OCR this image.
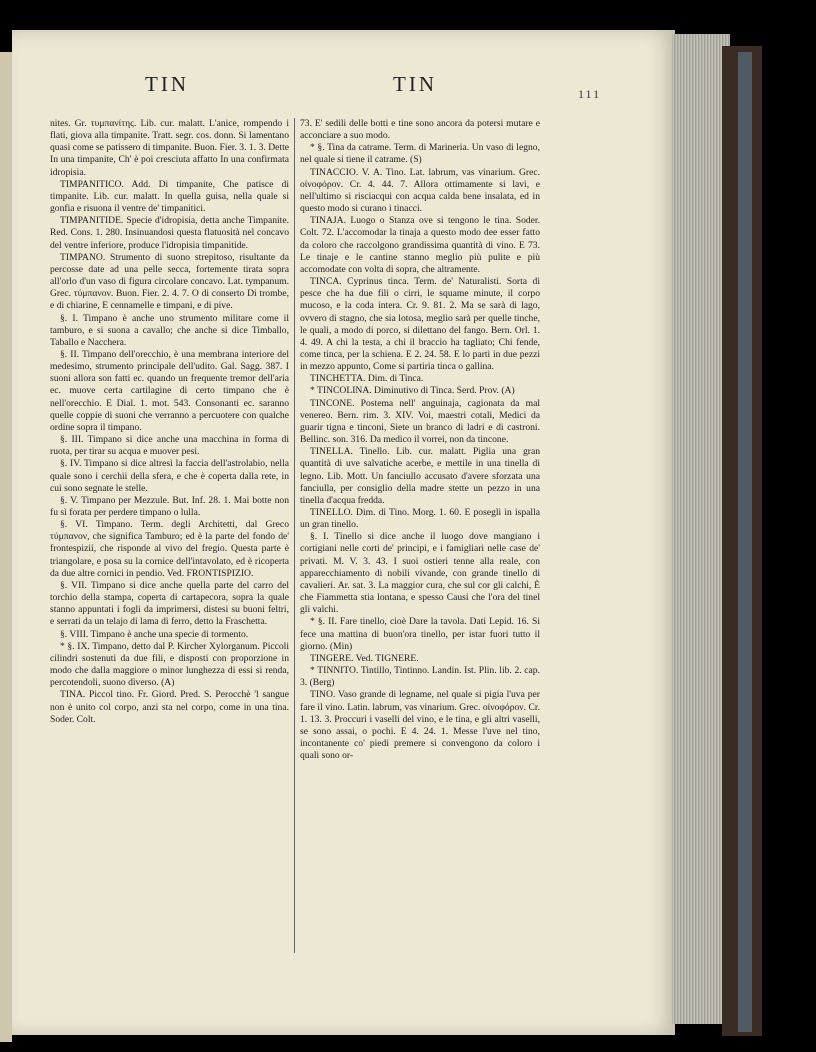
TIN	TIN	111

nites. Gr. τυμπανίτης. Lib. cur. malatt. L'anice, rompendo i flati, giova alla timpanite. Tratt. segr. cos. donn. Si lamentano quasi come se patissero di timpanite. Buon. Fier. 3. 1. 3. Dette In una timpanite, Ch' è poi cresciuta affatto In una confirmata idropisia.

TIMPANITICO. Add. Di timpanite, Che patisce di timpanite. Lib. cur. malatt. In quella guisa, nella quale si gonfia e risuona il ventre de' timpanitici.

TIMPANITIDE. Specie d'idropisia, detta anche Timpanite. Red. Cons. 1. 280. Insinuandosi questa flatuosità nel concavo del ventre inferiore, produce l'idropisia timpanitide.

TIMPANO. Strumento di suono strepitoso, risultante da percosse date ad una pelle secca, fortemente tirata sopra all'orlo d'un vaso di figura circolare concavo. Lat. tympanum. Grec. τύμπανον. Buon. Fier. 2. 4. 7. O di conserto Di trombe, e di chiarine, E cennamelle e timpani, e di pive.

§. I. Timpano è anche uno strumento militare come il tamburo, e si suona a cavallo; che anche si dice Timballo, Taballo e Nacchera.

§. II. Timpano dell'orecchio, è una membrana interiore del medesimo, strumento principale dell'udito. Gal. Sagg. 387. I suoni allora son fatti ec. quando un frequente tremor dell'aria ec. muove certa cartilagine di certo timpano che è nell'orecchio. E Dial. 1. mot. 543. Consonanti ec. saranno quelle coppie di suoni che verranno a percuotere con qualche ordine sopra il timpano.

§. III. Timpano si dice anche una macchina in forma di ruota, per tirar su acqua e muover pesi.

§. IV. Timpano si dice altresì la faccia dell'astrolabio, nella quale sono i cerchii della sfera, e che è coperta dalla rete, in cui sono segnate le stelle.

§. V. Timpano per Mezzule. But. Inf. 28. 1. Mai botte non fu sì forata per perdere timpano o lulla.

§. VI. Timpano. Term. degli Architetti, dal Greco τύμπανον, che significa Tamburo; ed è la parte del fondo de' frontespizii, che risponde al vivo del fregio. Questa parte è triangolare, e posa su la cornice dell'intavolato, ed è ricoperta da due altre cornici in pendio. Ved. FRONTISPIZIO.

§. VII. Timpano si dice anche quella parte del carro del torchio della stampa, coperta di cartapecora, sopra la quale stanno appuntati i fogli da imprimersi, distesi su buoni feltri, e serrati da un telajo di lama di ferro, detto la Fraschetta.

§. VIII. Timpano è anche una specie di tormento.

* §. IX. Timpano, detto dal P. Kircher Xylorganum. Piccoli cilindri sostenuti da due fili, e disposti con proporzione in modo che dalla maggiore o minor lunghezza di essi si renda, percotendoli, suono diverso. (A)

TINA. Piccol tino. Fr. Giord. Pred. S. Perocchè 'l sangue non è unito col corpo, anzi sta nel corpo, come in una tina. Soder. Colt.

73. E' sedili delle botti e tine sono ancora da potersi mutare e acconciare a suo modo.

* §. Tina da catrame. Term. di Marineria. Un vaso di legno, nel quale si tiene il catrame. (S)

TINACCIO. V. A. Tino. Lat. labrum, vas vinarium. Grec. οἰνοφόρον. Cr. 4. 44. 7. Allora ottimamente si lavi, e nell'ultimo si risciacqui con acqua calda bene insalata, ed in questo modo si curano i tinacci.

TINAJA. Luogo o Stanza ove si tengono le tina. Soder. Colt. 72. L'accomodar la tinaja a questo modo dee esser fatto da coloro che raccolgono grandissima quantità di vino. E 73. Le tinaje e le cantine stanno meglio più pulite e più accomodate con volta di sopra, che altramente.

TINCA. Cyprinus tinca. Term. de' Naturalisti. Sorta di pesce che ha due fili o cirri, le squame minute, il corpo mucoso, e la coda intera. Cr. 9. 81. 2. Ma se sarà di lago, ovvero di stagno, che sia lotosa, meglio sarà per quelle tinche, le quali, a modo di porco, si dilettano del fango. Bern. Orl. 1. 4. 49. A chi la testa, a chi il braccio ha tagliato; Chi fende, come tinca, per la schiena. E 2. 24. 58. E lo partì in due pezzi in mezzo appunto, Come si partiria tinca o gallina.

TINCHETTA. Dim. di Tinca.

* TINCOLINA. Diminutivo di Tinca. Serd. Prov. (A)

TINCONE. Postema nell' anguinaja, cagionata da mal venereo. Bern. rim. 3. XIV. Voi, maestri cotali, Medici da guarir tigna e tinconi, Siete un branco di ladri e di castroni. Bellinc. son. 316. Da medico il vorrei, non da tincone.

TINELLA. Tinello. Lib. cur. malatt. Piglia una gran quantità di uve salvatiche acerbe, e mettile in una tinella di legno. Lib. Mott. Un fanciullo accusato d'avere sforzata una fanciulla, per consiglio della madre stette un pezzo in una tinella d'acqua fredda.

TINELLO. Dim. di Tino. Morg. 1. 60. E poseglì in ispalla un gran tinello.

§. I. Tinello si dice anche il luogo dove mangiano i cortigiani nelle corti de' principi, e i famigliari nelle case de' privati. M. V. 3. 43. I suoi ostieri tenne alla reale, con apparecchiamento di nobili vivande, con grande tinello di cavalieri. Ar. sat. 3. La maggior cura, che sul cor gli calchi, È che Fiammetta stia lontana, e spesso Causi che l'ora del tinel gli valchi.

* §. II. Fare tinello, cioè Dare la tavola. Dati Lepid. 16. Si fece una mattina di buon'ora tinello, per istar fuori tutto il giorno. (Min)

TINGERE. Ved. TIGNERE.

* TINNITO. Tintillo, Tintinno. Landin. Ist. Plin. lib. 2. cap. 3. (Berg)

TINO. Vaso grande di legname, nel quale si pigia l'uva per fare il vino. Latin. labrum, vas vinarium. Grec. οἰνοφόρον. Cr. 1. 13. 3. Proccuri i vaselli del vino, e le tina, e gli altri vaselli, se sono assai, o pochi. E 4. 24. 1. Messe l'uve nel tino, incontanente co' piedi premere si convengono da coloro i quali sono or-
